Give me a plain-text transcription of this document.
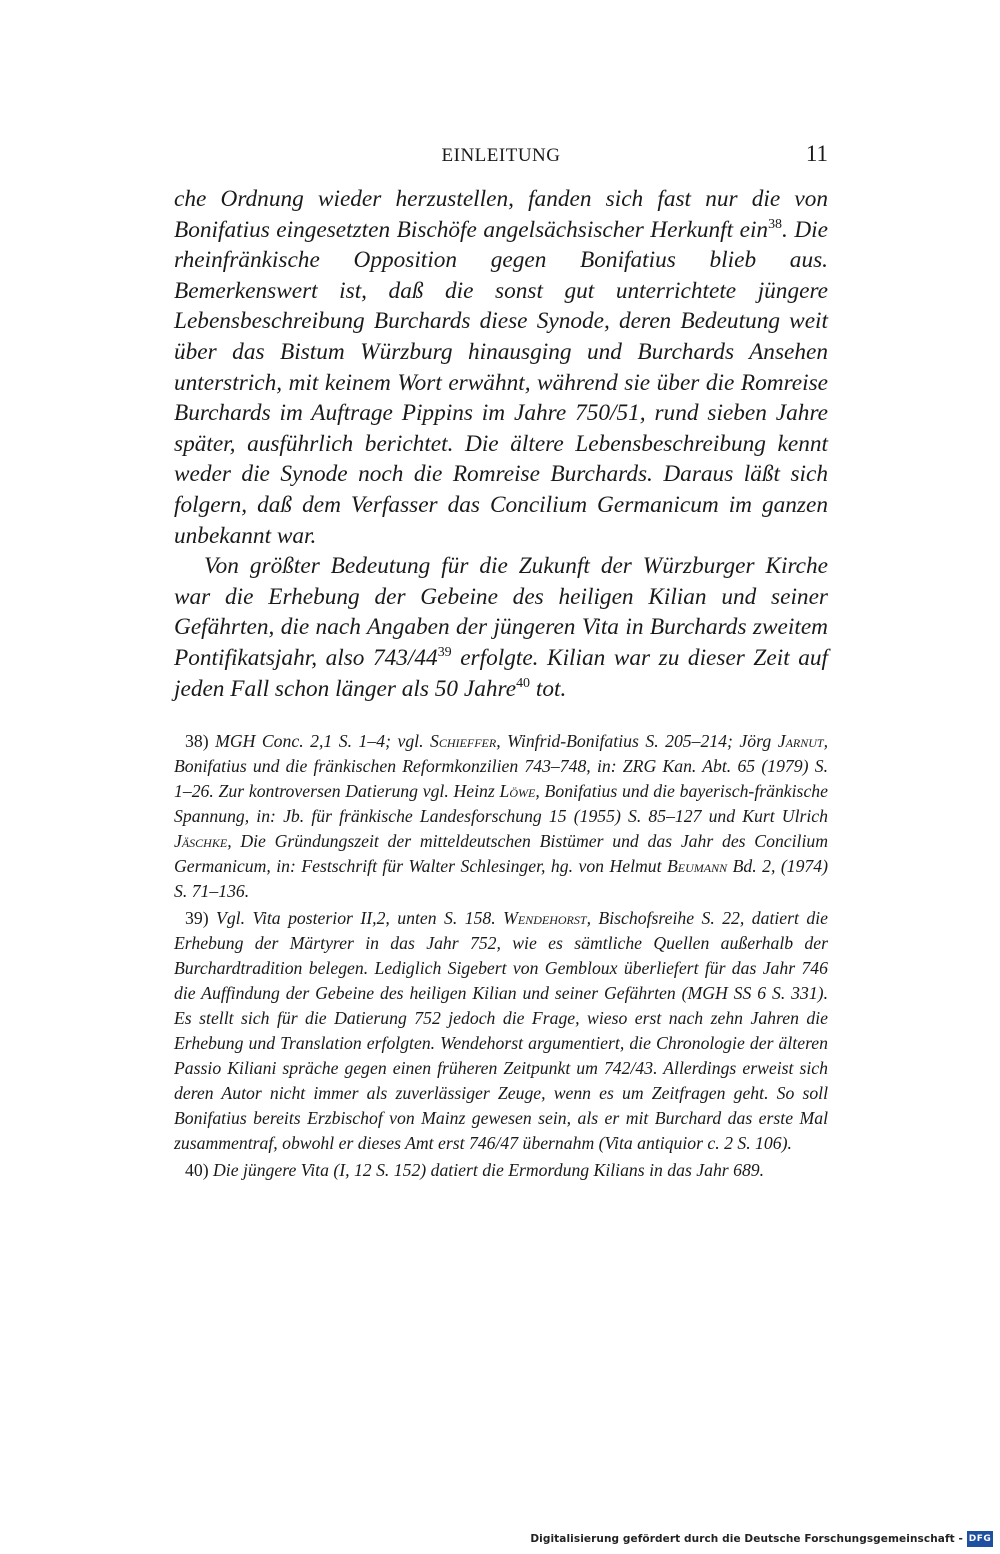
EINLEITUNG	11

che Ordnung wieder herzustellen, fanden sich fast nur die von Bonifatius eingesetzten Bischöfe angelsächsischer Herkunft ein$^{38}$. Die rheinfränkische Opposition gegen Bonifatius blieb aus. Bemerkenswert ist, daß die sonst gut unterrichtete jüngere Lebensbeschreibung Burchards diese Synode, deren Bedeutung weit über das Bistum Würzburg hinausging und Burchards Ansehen unterstrich, mit keinem Wort erwähnt, während sie über die Romreise Burchards im Auftrage Pippins im Jahre 750/51, rund sieben Jahre später, ausführlich berichtet. Die ältere Lebensbeschreibung kennt weder die Synode noch die Romreise Burchards. Daraus läßt sich folgern, daß dem Verfasser das Concilium Germanicum im ganzen unbekannt war.

Von größter Bedeutung für die Zukunft der Würzburger Kirche war die Erhebung der Gebeine des heiligen Kilian und seiner Gefährten, die nach Angaben der jüngeren Vita in Burchards zweitem Pontifikatsjahr, also $743/44^{39}$ erfolgte. Kilian war zu dieser Zeit auf jeden Fall schon länger als 50 Jahre$^{40}$ tot.

38) MGH Conc. 2,1 S. 1–4; vgl. Schieffer, Winfrid-Bonifatius S. 205–214; Jörg Jarnut, Bonifatius und die fränkischen Reformkonzilien 743–748, in: ZRG Kan. Abt. 65 (1979) S. 1–26. Zur kontroversen Datierung vgl. Heinz Löwe, Bonifatius und die bayerisch-fränkische Spannung, in: Jb. für fränkische Landesforschung 15 (1955) S. 85–127 und Kurt Ulrich Jäschke, Die Gründungszeit der mitteldeutschen Bistümer und das Jahr des Concilium Germanicum, in: Festschrift für Walter Schlesinger, hg. von Helmut Beumann Bd. 2, (1974) S. 71–136.

39) Vgl. Vita posterior II,2, unten S. 158. Wendehorst, Bischofsreihe S. 22, datiert die Erhebung der Märtyrer in das Jahr 752, wie es sämtliche Quellen außerhalb der Burchardtradition belegen. Lediglich Sigebert von Gembloux überliefert für das Jahr 746 die Auffindung der Gebeine des heiligen Kilian und seiner Gefährten (MGH SS 6 S. 331). Es stellt sich für die Datierung 752 jedoch die Frage, wieso erst nach zehn Jahren die Erhebung und Translation erfolgten. Wendehorst argumentiert, die Chronologie der älteren Passio Kiliani spräche gegen einen früheren Zeitpunkt um 742/43. Allerdings erweist sich deren Autor nicht immer als zuverlässiger Zeuge, wenn es um Zeitfragen geht. So soll Bonifatius bereits Erzbischof von Mainz gewesen sein, als er mit Burchard das erste Mal zusammentraf, obwohl er dieses Amt erst 746/47 übernahm (Vita antiquior c. 2 S. 106).

40) Die jüngere Vita (I, 12 S. 152) datiert die Ermordung Kilians in das Jahr 689.

Digitalisierung gefördert durch die Deutsche Forschungsgemeinschaft - DFG
